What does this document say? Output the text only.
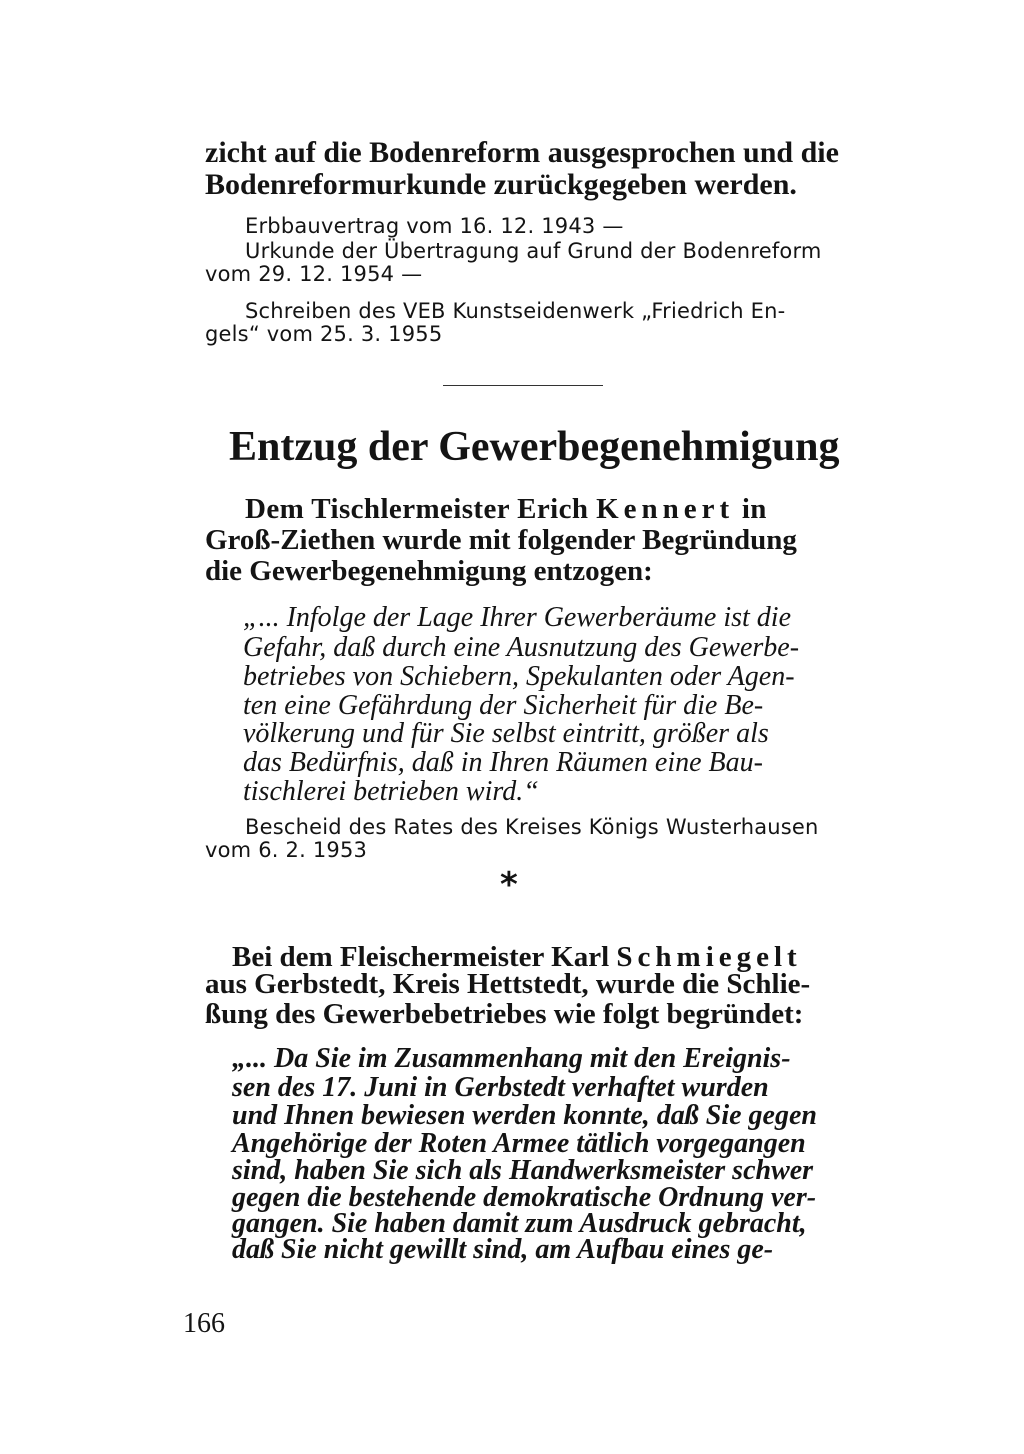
zicht auf die Bodenreform ausgesprochen und die

Bodenreformurkunde zurückgegeben werden.

Erbbauvertrag vom 16. 12. 1943 —

Urkunde der Übertragung auf Grund der Bodenreform

vom 29. 12. 1954 —

Schreiben des VEB Kunstseidenwerk „Friedrich En-

gels“ vom 25. 3. 1955

Entzug der Gewerbegenehmigung

Dem Tischlermeister Erich Kennert in

Groß-Ziethen wurde mit folgender Begründung

die Gewerbegenehmigung entzogen:

„... Infolge der Lage Ihrer Gewerberäume ist die

Gefahr, daß durch eine Ausnutzung des Gewerbe-

betriebes von Schiebern, Spekulanten oder Agen-

ten eine Gefährdung der Sicherheit für die Be-

völkerung und für Sie selbst eintritt, größer als

das Bedürfnis, daß in Ihren Räumen eine Bau-

tischlerei betrieben wird.“

Bescheid des Rates des Kreises Königs Wusterhausen

vom 6. 2. 1953

*

Bei dem Fleischermeister Karl Schmiegelt

aus Gerbstedt, Kreis Hettstedt, wurde die Schlie-

ßung des Gewerbebetriebes wie folgt begründet:

„... Da Sie im Zusammenhang mit den Ereignis-

sen des 17. Juni in Gerbstedt verhaftet wurden

und Ihnen bewiesen werden konnte, daß Sie gegen

Angehörige der Roten Armee tätlich vorgegangen

sind, haben Sie sich als Handwerksmeister schwer

gegen die bestehende demokratische Ordnung ver-

gangen. Sie haben damit zum Ausdruck gebracht,

daß Sie nicht gewillt sind, am Aufbau eines ge-

166
